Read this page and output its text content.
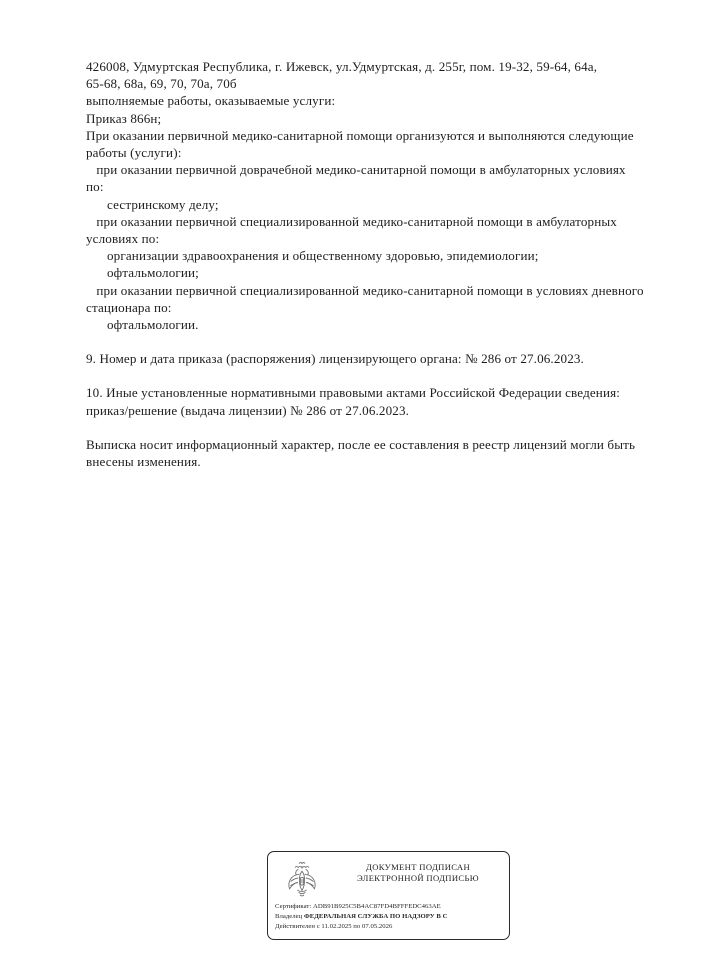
426008, Удмуртская Республика, г. Ижевск, ул.Удмуртская, д. 255г, пом. 19-32, 59-64, 64а,
65-68, 68а, 69, 70, 70а, 70б
выполняемые работы, оказываемые услуги:
Приказ 866н;
При оказании первичной медико-санитарной помощи организуются и выполняются следующие
работы (услуги):
при оказании первичной доврачебной медико-санитарной помощи в амбулаторных условиях
по:
сестринскому делу;
при оказании первичной специализированной медико-санитарной помощи в амбулаторных
условиях по:
организации здравоохранения и общественному здоровью, эпидемиологии;
офтальмологии;
при оказании первичной специализированной медико-санитарной помощи в условиях дневного
стационара по:
офтальмологии.
9. Номер и дата приказа (распоряжения) лицензирующего органа: № 286 от 27.06.2023.
10. Иные установленные нормативными правовыми актами Российской Федерации сведения:
приказ/решение (выдача лицензии) № 286 от 27.06.2023.
Выписка носит информационный характер, после ее составления в реестр лицензий могли быть
внесены изменения.
ДОКУМЕНТ ПОДПИСАН
ЭЛЕКТРОННОЙ ПОДПИСЬЮ
Сертификат: ADB91B925C5B4AC87FD4BFFFEDC463AE
Владелец ФЕДЕРАЛЬНАЯ СЛУЖБА ПО НАДЗОРУ В С
Действителен с 11.02.2025 по 07.05.2026
